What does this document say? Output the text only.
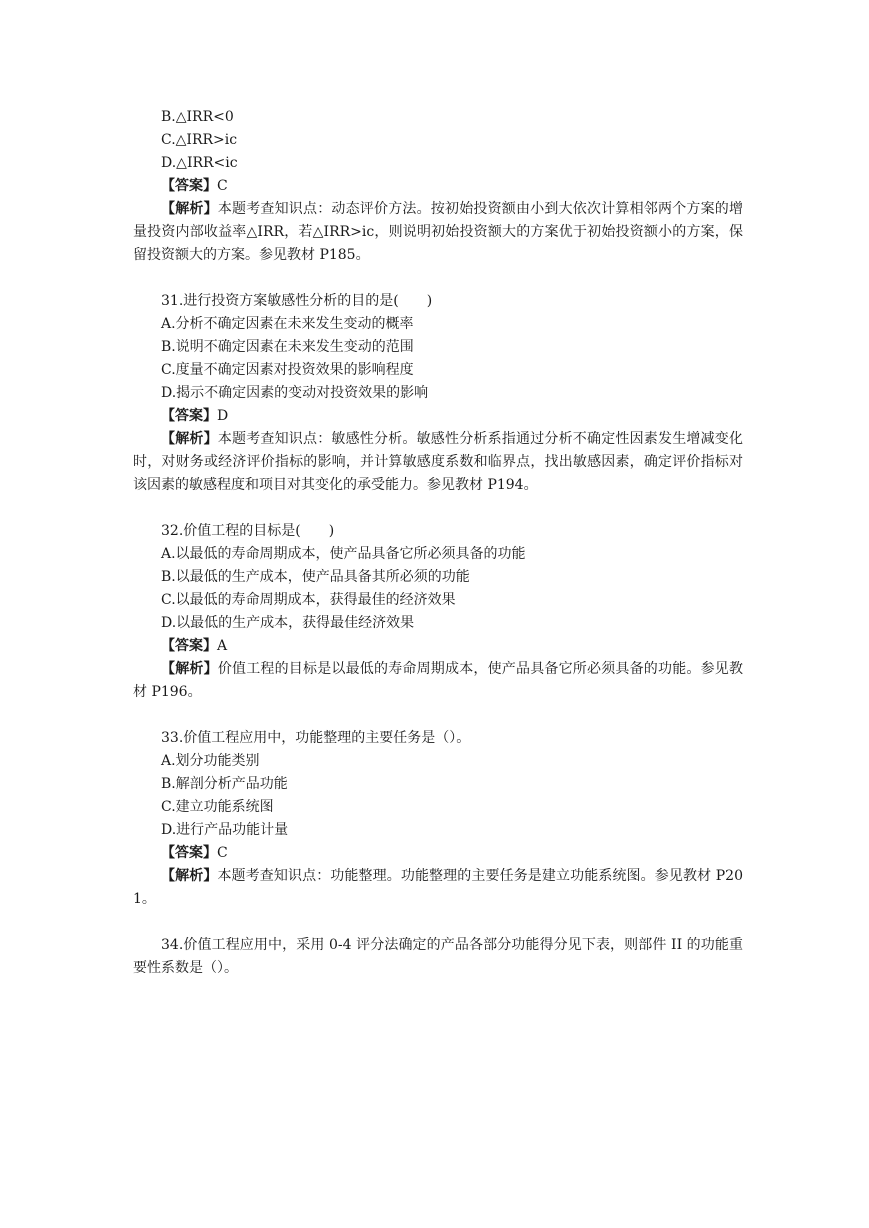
B.△IRR<0

C.△IRR>ic

D.△IRR<ic

【答案】C

【解析】本题考查知识点：动态评价方法。按初始投资额由小到大依次计算相邻两个方案的增量投资内部收益率△IRR，若△IRR>ic，则说明初始投资额大的方案优于初始投资额小的方案，保留投资额大的方案。参见教材 P185。

31.进行投资方案敏感性分析的目的是(　　)

A.分析不确定因素在未来发生变动的概率

B.说明不确定因素在未来发生变动的范围

C.度量不确定因素对投资效果的影响程度

D.揭示不确定因素的变动对投资效果的影响

【答案】D

【解析】本题考查知识点：敏感性分析。敏感性分析系指通过分析不确定性因素发生增减变化时，对财务或经济评价指标的影响，并计算敏感度系数和临界点，找出敏感因素，确定评价指标对该因素的敏感程度和项目对其变化的承受能力。参见教材 P194。

32.价值工程的目标是(　　)

A.以最低的寿命周期成本，使产品具备它所必须具备的功能

B.以最低的生产成本，使产品具备其所必须的功能

C.以最低的寿命周期成本，获得最佳的经济效果

D.以最低的生产成本，获得最佳经济效果

【答案】A

【解析】价值工程的目标是以最低的寿命周期成本，使产品具备它所必须具备的功能。参见教材 P196。

33.价值工程应用中，功能整理的主要任务是（）。

A.划分功能类别

B.解剖分析产品功能

C.建立功能系统图

D.进行产品功能计量

【答案】C

【解析】本题考查知识点：功能整理。功能整理的主要任务是建立功能系统图。参见教材 P201。

34.价值工程应用中，采用 0-4 评分法确定的产品各部分功能得分见下表，则部件 II 的功能重要性系数是（）。
